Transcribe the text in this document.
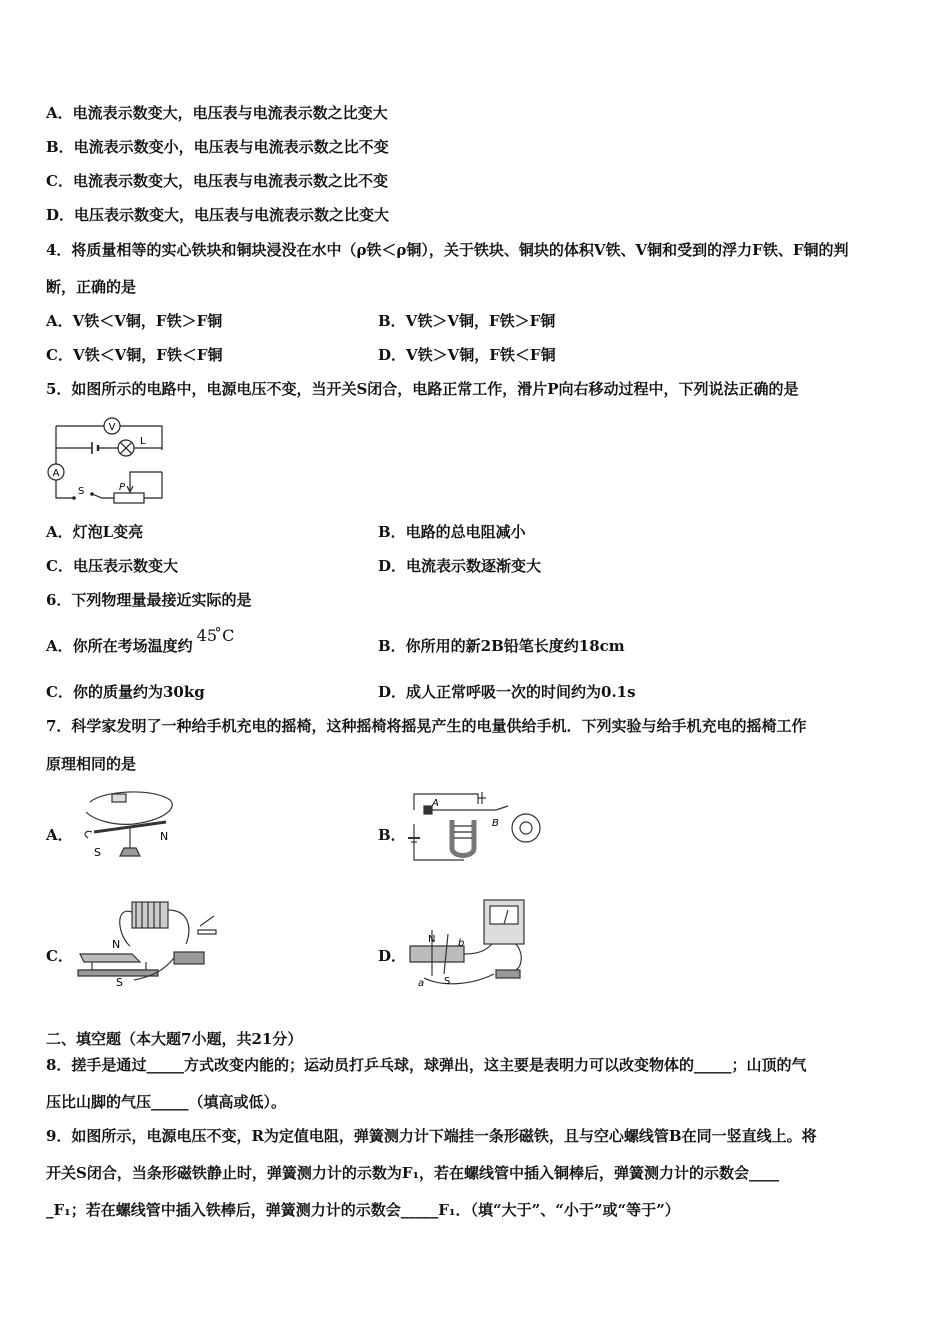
A．电流表示数变大，电压表与电流表示数之比变大
B．电流表示数变小，电压表与电流表示数之比不变
C．电流表示数变大，电压表与电流表示数之比不变
D．电压表示数变大，电压表与电流表示数之比变大
4．将质量相等的实心铁块和铜块浸没在水中（ρ铁＜ρ铜），关于铁块、铜块的体积V铁、V铜和受到的浮力F铁、F铜的判
断，正确的是
A．V铁＜V铜，F铁＞F铜	B．V铁＞V铜，F铁＞F铜
C．V铁＜V铜，F铁＜F铜	D．V铁＞V铜，F铁＜F铜
5．如图所示的电路中，电源电压不变，当开关S闭合，电路正常工作，滑片P向右移动过程中，下列说法正确的是
V
A
L
S	P
A．灯泡L变亮	B．电路的总电阻减小
C．电压表示数变大	D．电流表示数逐渐变大
6．下列物理量最接近实际的是
A．你所在考场温度约45 ̊C
B．你所用的新2B铅笔长度约18cm
C．你的质量约为30kg	D．成人正常呼吸一次的时间约为0.1s
7．科学家发明了一种给手机充电的摇椅，这种摇椅将摇晃产生的电量供给手机．下列实验与给手机充电的摇椅工作
原理相同的是
A．
S
N	B．
A
B
C．
N
S
D．
N
S
a
b
二、填空题（本大题7小题，共21分）
8．搓手是通过_____方式改变内能的；运动员打乒乓球，球弹出，这主要是表明力可以改变物体的_____；山顶的气
压比山脚的气压_____（填高或低）。
9．如图所示，电源电压不变，R为定值电阻，弹簧测力计下端挂一条形磁铁，且与空心螺线管B在同一竖直线上。将
开关S闭合，当条形磁铁静止时，弹簧测力计的示数为F₁，若在螺线管中插入铜棒后，弹簧测力计的示数会____
_F₁；若在螺线管中插入铁棒后，弹簧测力计的示数会_____F₁．（填“大于”、“小于”或“等于”）
